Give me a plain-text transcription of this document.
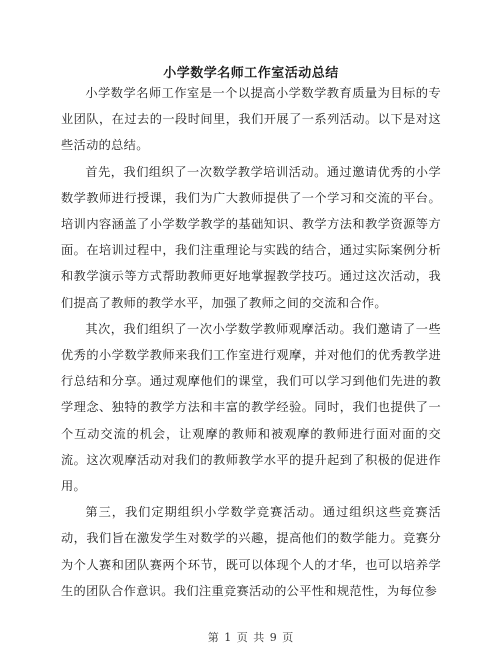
小学数学名师工作室活动总结

小学数学名师工作室是一个以提高小学数学教育质量为目标的专业团队，在过去的一段时间里，我们开展了一系列活动。以下是对这些活动的总结。

首先，我们组织了一次数学教学培训活动。通过邀请优秀的小学数学教师进行授课，我们为广大教师提供了一个学习和交流的平台。培训内容涵盖了小学数学教学的基础知识、教学方法和教学资源等方面。在培训过程中，我们注重理论与实践的结合，通过实际案例分析和教学演示等方式帮助教师更好地掌握教学技巧。通过这次活动，我们提高了教师的教学水平，加强了教师之间的交流和合作。

其次，我们组织了一次小学数学教师观摩活动。我们邀请了一些优秀的小学数学教师来我们工作室进行观摩，并对他们的优秀教学进行总结和分享。通过观摩他们的课堂，我们可以学习到他们先进的教学理念、独特的教学方法和丰富的教学经验。同时，我们也提供了一个互动交流的机会，让观摩的教师和被观摩的教师进行面对面的交流。这次观摩活动对我们的教师教学水平的提升起到了积极的促进作用。

第三，我们定期组织小学数学竞赛活动。通过组织这些竞赛活动，我们旨在激发学生对数学的兴趣，提高他们的数学能力。竞赛分为个人赛和团队赛两个环节，既可以体现个人的才华，也可以培养学生的团队合作意识。我们注重竞赛活动的公平性和规范性，为每位参

第 1 页 共 9 页
